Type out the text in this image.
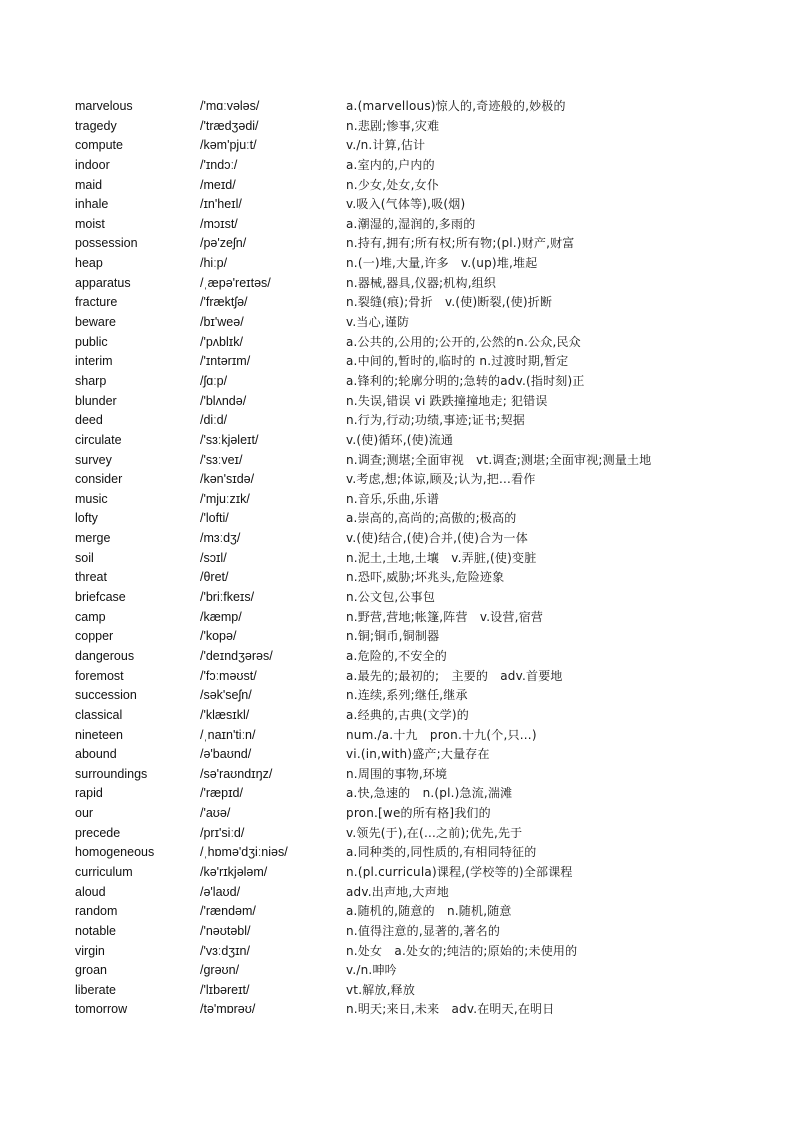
marvelous	/'mɑːvələs/	a.(marvellous)惊人的,奇迹般的,妙极的
tragedy	/'trædʒədi/	n.悲剧;惨事,灾难
compute	/kəm'pjuːt/	v./n.计算,估计
indoor	/'ɪndɔː/	a.室内的,户内的
maid	/meɪd/	n.少女,处女,女仆
inhale	/ɪn'heɪl/	v.吸入(气体等),吸(烟)
moist	/mɔɪst/	a.潮湿的,湿润的,多雨的
possession	/pə'zeʃn/	n.持有,拥有;所有权;所有物;(pl.)财产,财富
heap	/hiːp/	n.(一)堆,大量,许多　v.(up)堆,堆起
apparatus	/ˌæpə'reɪtəs/	n.器械,器具,仪器;机构,组织
fracture	/'fræktʃə/	n.裂缝(痕);骨折　v.(使)断裂,(使)折断
beware	/bɪ'weə/	v.当心,谨防
public	/'pʌblɪk/	a.公共的,公用的;公开的,公然的n.公众,民众
interim	/'ɪntərɪm/	a.中间的,暂时的,临时的 n.过渡时期,暂定
sharp	/ʃɑːp/	a.锋利的;轮廓分明的;急转的adv.(指时刻)正
blunder	/'blʌndə/	n.失误,错误 vi 跌跌撞撞地走; 犯错误
deed	/diːd/	n.行为,行动;功绩,事迹;证书;契据
circulate	/'sɜːkjəleɪt/	v.(使)循环,(使)流通
survey	/'sɜːveɪ/	n.调查;测堪;全面审视　vt.调查;测堪;全面审视;测量土地
consider	/kən'sɪdə/	v.考虑,想;体谅,顾及;认为,把…看作
music	/'mjuːzɪk/	n.音乐,乐曲,乐谱
lofty	/'lofti/	a.崇高的,高尚的;高傲的;极高的
merge	/mɜːdʒ/	v.(使)结合,(使)合并,(使)合为一体
soil	/sɔɪl/	n.泥土,土地,土壤　v.弄脏,(使)变脏
threat	/θret/	n.恐吓,威胁;坏兆头,危险迹象
briefcase	/'briːfkeɪs/	n.公文包,公事包
camp	/kæmp/	n.野营,营地;帐篷,阵营　v.设营,宿营
copper	/'kopə/	n.铜;铜币,铜制器
dangerous	/'deɪndʒərəs/	a.危险的,不安全的
foremost	/'fɔːməʊst/	a.最先的;最初的;　主要的　adv.首要地
succession	/sək'seʃn/	n.连续,系列;继任,继承
classical	/'klæsɪkl/	a.经典的,古典(文学)的
nineteen	/ˌnaɪn'tiːn/	num./a.十九　pron.十九(个,只…)
abound	/ə'baʊnd/	vi.(in,with)盛产;大量存在
surroundings	/sə'raʊndɪŋz/	n.周围的事物,环境
rapid	/'ræpɪd/	a.快,急速的　n.(pl.)急流,湍滩
our	/'aʊə/	pron.[we的所有格]我们的
precede	/prɪ'siːd/	v.领先(于),在(…之前);优先,先于
homogeneous	/ˌhɒmə'dʒiːniəs/	a.同种类的,同性质的,有相同特征的
curriculum	/kə'rɪkjələm/	n.(pl.curricula)课程,(学校等的)全部课程
aloud	/ə'laʊd/	adv.出声地,大声地
random	/'rændəm/	a.随机的,随意的　n.随机,随意
notable	/'nəʊtəbl/	n.值得注意的,显著的,著名的
virgin	/'vɜːdʒɪn/	n.处女　a.处女的;纯洁的;原始的;未使用的
groan	/grəʊn/	v./n.呻吟
liberate	/'lɪbəreɪt/	vt.解放,释放
tomorrow	/tə'mɒrəʊ/	n.明天;来日,未来　adv.在明天,在明日
